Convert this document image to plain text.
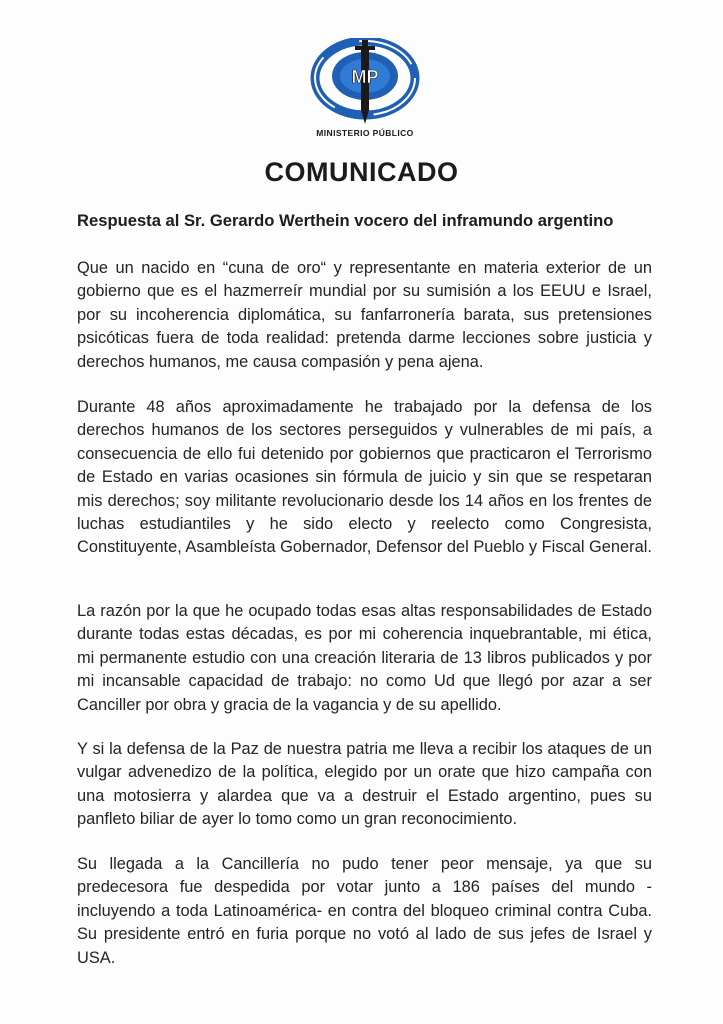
MP
MINISTERIO PÚBLICO
COMUNICADO
Respuesta al Sr. Gerardo Werthein vocero del inframundo argentino

Que un nacido en “cuna de oro“ y representante en materia exterior de un gobierno que es el hazmerreír mundial por su sumisión a los EEUU e Israel, por su incoherencia diplomática, su fanfarronería barata, sus pretensiones psicóticas fuera de toda realidad: pretenda darme lecciones sobre justicia y derechos humanos, me causa compasión y pena ajena.

Durante 48 años aproximadamente he trabajado por la defensa de los derechos humanos de los sectores perseguidos y vulnerables de mi país, a consecuencia de ello fui detenido por gobiernos que practicaron el Terrorismo de Estado en varias ocasiones sin fórmula de juicio y sin que se respetaran mis derechos; soy militante revolucionario desde los 14 años en los frentes de luchas estudiantiles y he sido electo y reelecto como Congresista, Constituyente, Asambleísta Gobernador, Defensor del Pueblo y Fiscal General.

La razón por la que he ocupado todas esas altas responsabilidades de Estado durante todas estas décadas, es por mi coherencia inquebrantable, mi ética, mi permanente estudio con una creación literaria de 13 libros publicados y por mi incansable capacidad de trabajo: no como Ud que llegó por azar a ser Canciller por obra y gracia de la vagancia y de su apellido.

Y si la defensa de la Paz de nuestra patria me lleva a recibir los ataques de un vulgar advenedizo de la política, elegido por un orate que hizo campaña con una motosierra y alardea que va a destruir el Estado argentino, pues su panfleto biliar de ayer lo tomo como un gran reconocimiento.

Su llegada a la Cancillería no pudo tener peor mensaje, ya que su predecesora fue despedida por votar junto a 186 países del mundo - incluyendo a toda Latinoamérica- en contra del bloqueo criminal contra Cuba. Su presidente entró en furia porque no votó al lado de sus jefes de Israel y USA.
